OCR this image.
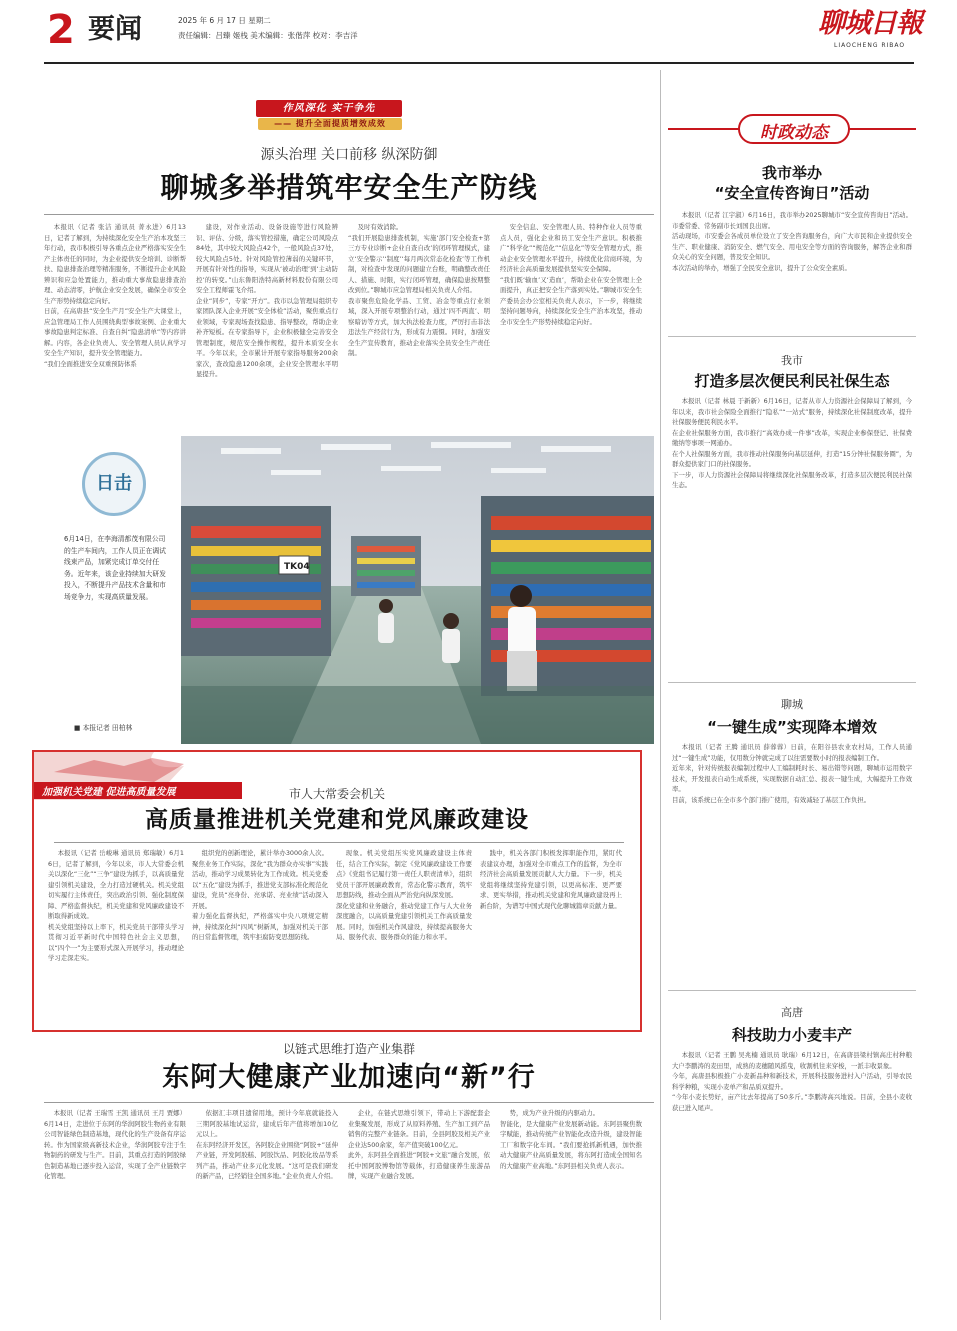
2 要闻	2025 年 6 月 17 日 星期二
责任编辑：吕臻 姬栈 美术编辑：张偕萍 校对：李吉洋	聊城日報
LIAOCHENG RIBAO
作风深化 实干争先
—— 提升全面提质增效成效
源头治理 关口前移 纵深防御
聊城多举措筑牢安全生产防线

本报讯（记者 张洁 通讯员 菁永进）6月13日，记者了解到，为持续深化安全生产治本攻坚三年行动，我市积极引导各重点企业严格落实安全生产主体责任的同时，为企业提供安全培训、诊断帮扶、隐患排查治理等精准服务，不断提升企业风险辨识和应急处置能力，推动重大事故隐患排查治理、动态清零，护航企业安全发展，确保全市安全生产形势持续稳定向好。
日前，在高唐县“安全生产月”安全生产大课堂上，应急管理局工作人员围绕典型事故案例、企业重大事故隐患判定标准、自查自纠“隐患清单”等内容讲解。内容，各企业负责人、安全管理人员认真学习安全生产知识，提升安全管理能力。
“我们全面推进安全双重预防体系

建设，对作业活动、设备设施等进行风险辨识、评估、分级，落实管控措施，确定公司风险点84处，其中较大风险点42个，一般风险点37处，较大风险点5处。针对风险管控薄弱的关键环节，开展有针对性的指导，实现从‘被动治理’到‘主动防控’的转变。”山东鲁阳浩特高新材料股份有限公司安全工程师霍飞介绍。
企业“同步”，专家“开方”。我市以急管理局组织专家团队深入企业开展“安全体检”活动，聚焦重点行业领域，专家现场查找隐患、指导整改，帮助企业补齐短板。在专家指导下，企业积极健全完善安全管理制度，规范安全操作规程，提升本质安全水平。今年以来，全市累计开展专家指导服务200余家次，查改隐患1200余项，企业安全管理水平明显提升。

及时有效消除。
“我们开展隐患排查机制，实施‘部门安全检查+第三方专业诊断+企业自查自改’的闭环管理模式，建立‘安全警示’‘制度’‘每月两次常态化检查’等工作机制，对检查中发现的问题建立台账，明确整改责任人、措施、时限，实行闭环管理，确保隐患按期整改到位。”聊城市应急管理局相关负责人介绍。
我市聚焦危险化学品、工贸、冶金等重点行业领域，深入开展专项整治行动，通过‘四不两直’、明察暗访等方式，加大执法检查力度，严厉打击非法违法生产经营行为，形成有力震慑。同时，加强安全生产宣传教育，推动企业落实全员安全生产责任制。

安全信息、安全管理人员、特种作业人员等重点人员，强化企业和员工安全生产意识。积极推广“科学化”“规范化”“信息化”等安全管理方式，推动企业安全管理水平提升，持续优化营商环境，为经济社会高质量发展提供坚实安全保障。
“我们既‘输血’又‘造血’，帮助企业在安全管理上全面提升，真正把安全生产落到实处。”聊城市安全生产委员会办公室相关负责人表示，下一步，将继续坚持问题导向，持续深化安全生产治本攻坚，推动全市安全生产形势持续稳定向好。

日击

6月14日，在李海清都茂有限公司的生产车间内，工作人员正在调试线束产品，加紧完成订单交付任务。近年来，该企业持续加大研发投入，不断提升产品技术含量和市场竞争力，实现高质量发展。

■ 本报记者 田柏林
TK04
加强机关党建 促进高质量发展	市人大常委会机关
高质量推进机关党建和党风廉政建设

本报讯（记者 岳峻琳 通讯员 郑瑞敏）6月16日，记者了解到，今年以来，市人大常委会机关以深化“三化”“三争”建设为抓手，以高质量党建引领机关建设，全力打造过硬机关。机关党组切实履行主体责任，突出政治引领、强化制度保障、严格监督执纪，机关党建和党风廉政建设不断取得新成效。
机关党组坚持以上率下，机关党员干部带头学习贯彻习近平新时代中国特色社会主义思想，以“四个一”为主要形式深入开展学习，推动理论学习走深走实。

组织党的创新理论，累计举办3000余人次。聚焦业务工作实际，深化“我为群众办实事”实践活动，推动学习成果转化为工作成效。机关党委以“五化”建设为抓手，推进党支部标准化规范化建设，党员“亮身份、亮承诺、亮业绩”活动深入开展。
着力强化监督执纪，严格落实中央八项规定精神，持续深化纠“四风”树新风，加强对机关干部的日常监督管理，筑牢拒腐防变思想防线。

现象。机关党组压实党风廉政建设主体责任，结合工作实际，制定《党风廉政建设工作要点》《党组书记履行第一责任人职责清单》，组织党员干部开展廉政教育，常态化警示教育，筑牢思想防线，推动全面从严治党向纵深发展。
深化党建和业务融合，推动党建工作与人大业务深度融合，以高质量党建引领机关工作高质量发展。同时，加强机关作风建设，持续提高服务大局、服务代表、服务群众的能力和水平。

践中，机关各部门积极发挥职能作用，紧盯代表建议办理，加强对全市重点工作的监督，为全市经济社会高质量发展贡献人大力量。下一步，机关党组将继续坚持党建引领，以更高标准、更严要求、更实举措，推动机关党建和党风廉政建设再上新台阶，为谱写中国式现代化聊城篇章贡献力量。

以链式思维打造产业集群
东阿大健康产业加速向“新”行

本报讯（记者 王瑞雪 王凯 通讯员 王月 贾娜）6月14日，走进位于东阿的华润阿胶生物药业有限公司智能绿色制造基地，现代化的生产设备有序运转。作为国家级高新技术企业，华润阿胶专注于生物制药的研发与生产。目前，其重点打造的阿胶绿色制造基地已逐步投入运营，实现了全产业链数字化管理。

依据汇丰项目遗留用地，预计今年底就能投入三期阿胶基地试运营，建成后年产值将增加10亿元以上。
在东阿经济开发区，各阿胶企业围绕“阿胶+”延伸产业链，开发阿胶糕、阿胶饮品、阿胶化妆品等系列产品，推动产业多元化发展。“这可是我们研发的新产品，已经销往全国多地。”企业负责人介绍。

企业，在链式思维引领下，带动上下游配套企业集聚发展，形成了从原料养殖、生产加工到产品销售的完整产业链条。目前，全县阿胶及相关产业企业达500余家，年产值突破100亿元。
此外，东阿县全面推进“阿胶+文旅”融合发展，依托中国阿胶博物馆等载体，打造健康养生旅游品牌，实现产业融合发展。

势，成为产业升级的内驱动力。
智能化，是大健康产业发展新动能。东阿县聚焦数字赋能，推动传统产业智能化改造升级，建设智能工厂和数字化车间。“我们要抢抓新机遇，加快推动大健康产业高质量发展，将东阿打造成全国知名的大健康产业高地。”东阿县相关负责人表示。

时政动态
我市举办
“安全宣传咨询日”活动

本报讯（记者 江宇淑）6月16日，我市举办2025聊城市“安全宣传咨询日”活动。市委常委、常务副市长刘国良出席。
活动现场，市安委会各成员单位设立了安全咨询服务台，向广大市民和企业提供安全生产、职业健康、消防安全、燃气安全、用电安全等方面的咨询服务，解答企业和群众关心的安全问题，普及安全知识。
本次活动的举办，增强了全民安全意识，提升了公众安全素质。

我市
打造多层次便民利民社保生态

本报讯（记者 林晨 于新新）6月16日，记者从市人力资源社会保障局了解到，今年以来，我市社会保险全面推行“隐私”“一站式”服务，持续深化社保制度改革，提升社保服务便民利民水平。
在企业社保服务方面，我市推行“高效办成一件事”改革，实现企业参保登记、社保费缴纳等事项一网通办。
在个人社保服务方面，我市推动社保服务向基层延伸，打造“15分钟社保服务圈”，为群众提供家门口的社保服务。
下一步，市人力资源社会保障局将继续深化社保服务改革，打造多层次便民利民社保生态。

聊城
“一键生成”实现降本增效

本报讯（记者 王腾 通讯员 薛蓉蓉）日前，在阳谷县农业农村局，工作人员通过“一键生成”功能，仅用数分钟就完成了以往需要数小时的报表编制工作。
近年来，针对传统报表编制过程中人工编制耗时长、易出错等问题，聊城市运用数字技术，开发报表自动生成系统，实现数据自动汇总、报表一键生成，大幅提升工作效率。
目前，该系统已在全市多个部门推广使用，有效减轻了基层工作负担。

高唐
科技助力小麦丰产

本报讯（记者 王鹏 吴兆楠 通讯员 耿瑞）6月12日，在高唐县梁村镇高庄村种粮大户李鹏涛的麦田里，成熟的麦穗随风摇曳，收割机往来穿梭，一派丰收景象。
今年，高唐县积极推广小麦新品种和新技术，开展科技服务进村入户活动，引导农民科学种粮，实现小麦单产和品质双提升。
“今年小麦长势好，亩产比去年提高了50多斤。”李鹏涛高兴地说。目前，全县小麦收获已进入尾声。
